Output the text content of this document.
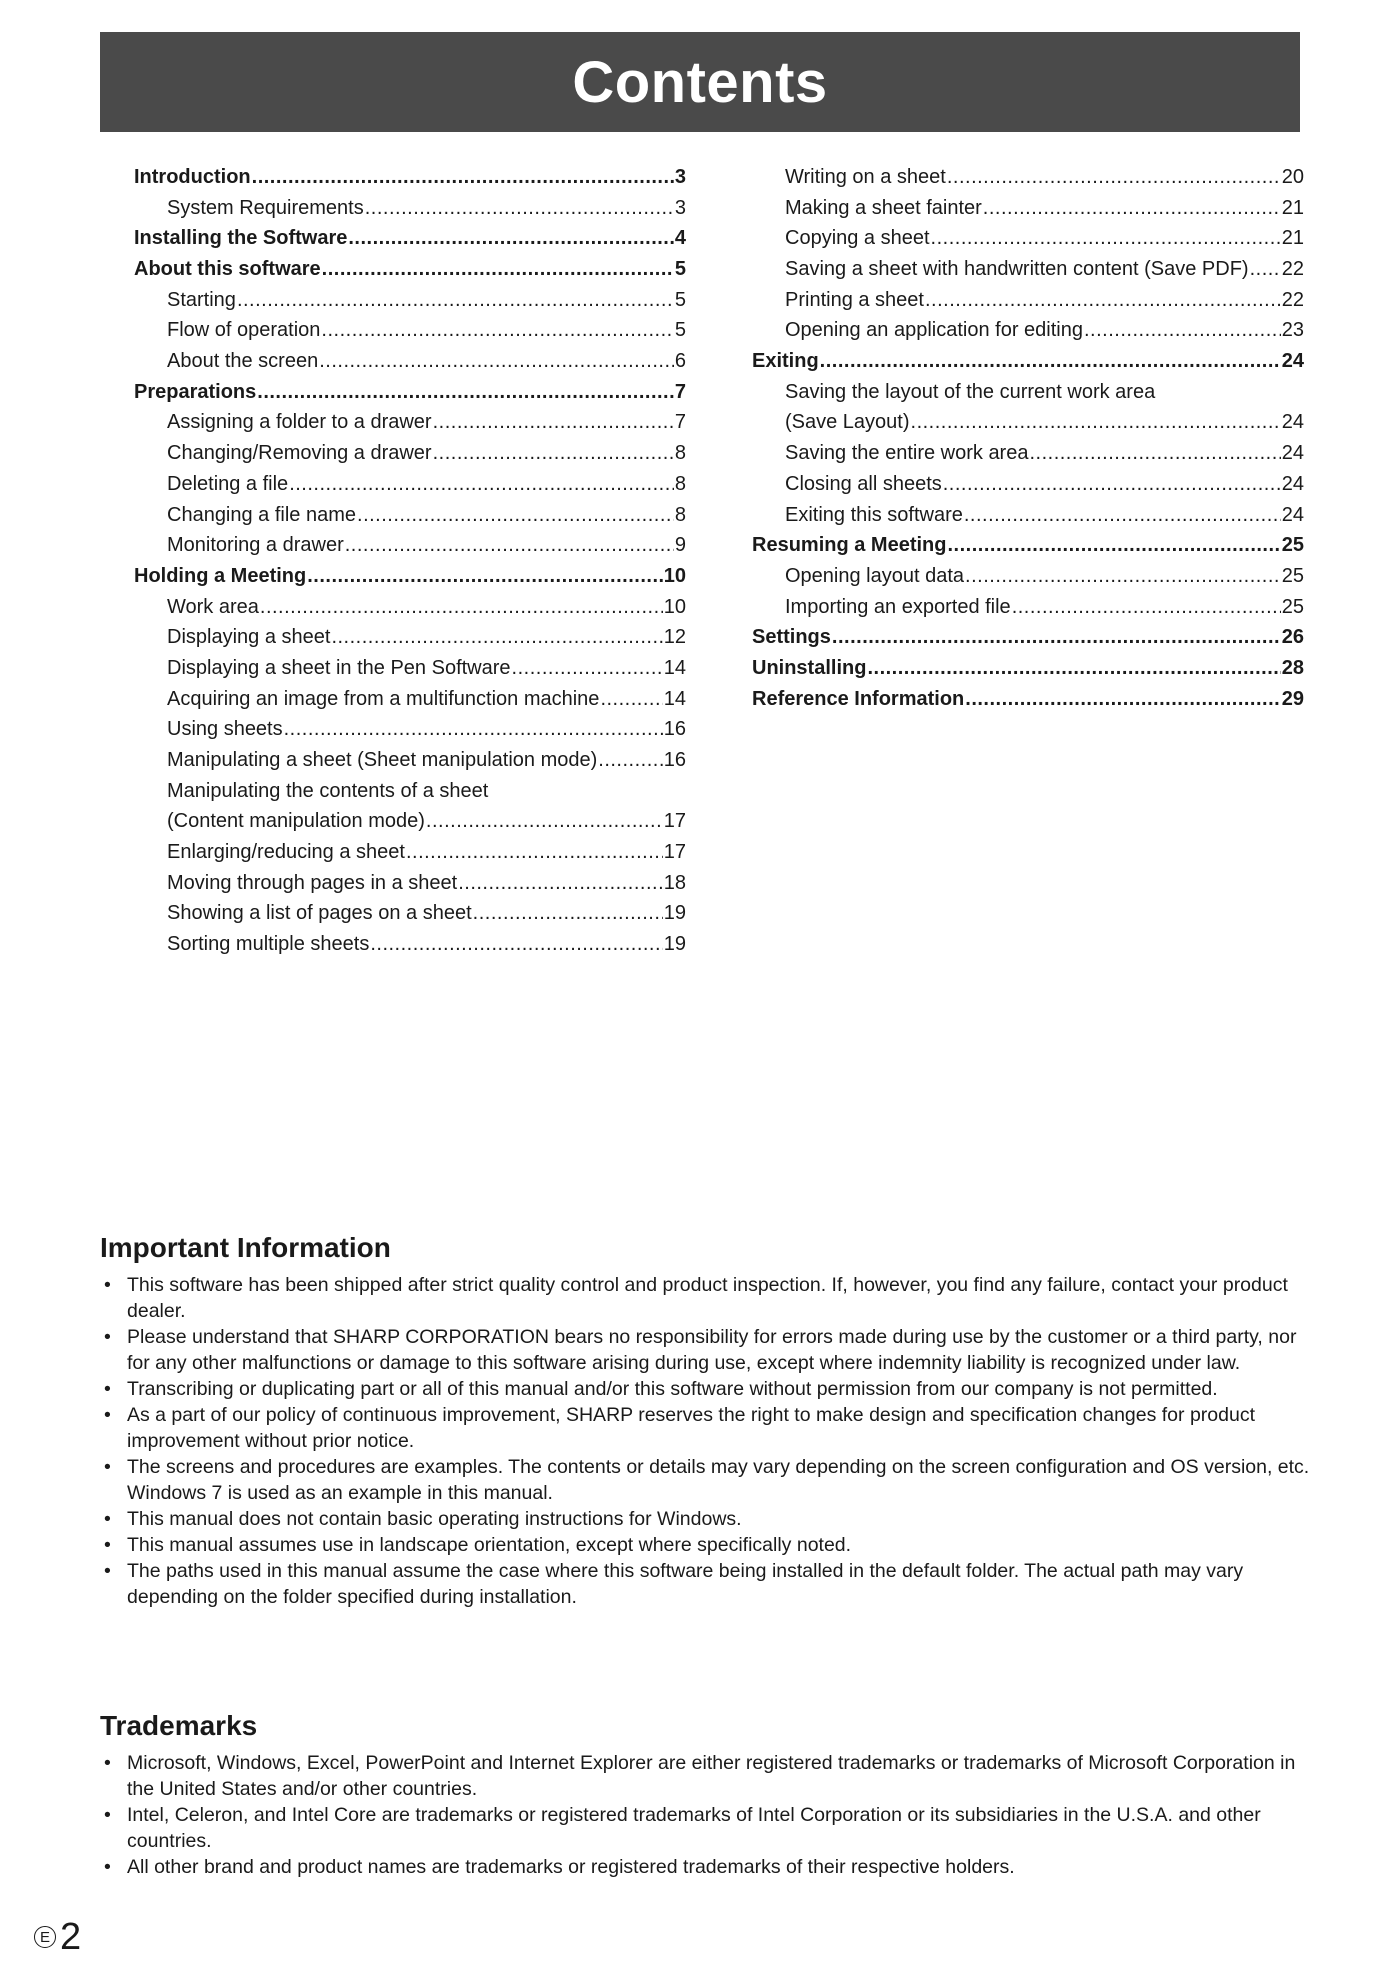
Contents
Introduction .....	3
System Requirements .....	3
Installing the Software .....	4
About this software .....	5
Starting .....	5
Flow of operation .....	5
About the screen .....	6
Preparations .....	7
Assigning a folder to a drawer .....	7
Changing/Removing a drawer .....	8
Deleting a file .....	8
Changing a file name .....	8
Monitoring a drawer .....	9
Holding a Meeting .....	10
Work area .....	10
Displaying a sheet .....	12
Displaying a sheet in the Pen Software .....	14
Acquiring an image from a multifunction machine .....	14
Using sheets .....	16
Manipulating a sheet (Sheet manipulation mode) .....	16
Manipulating the contents of a sheet
(Content manipulation mode) .....	17
Enlarging/reducing a sheet .....	17
Moving through pages in a sheet .....	18
Showing a list of pages on a sheet .....	19
Sorting multiple sheets .....	19
Writing on a sheet .....	20
Making a sheet fainter .....	21
Copying a sheet .....	21
Saving a sheet with handwritten content (Save PDF) ..... 22
Printing a sheet .....	22
Opening an application for editing .....	23
Exiting .....	24
Saving the layout of the current work area
(Save Layout) .....	24
Saving the entire work area .....	24
Closing all sheets .....	24
Exiting this software .....	24
Resuming a Meeting .....	25
Opening layout data .....	25
Importing an exported file .....	25
Settings .....	26
Uninstalling .....	28
Reference Information .....	29
Important Information
• This software has been shipped after strict quality control and product inspection. If, however, you find any failure, contact your product dealer.
• Please understand that SHARP CORPORATION bears no responsibility for errors made during use by the customer or a third party, nor for any other malfunctions or damage to this software arising during use, except where indemnity liability is recognized under law.
• Transcribing or duplicating part or all of this manual and/or this software without permission from our company is not permitted.
• As a part of our policy of continuous improvement, SHARP reserves the right to make design and specification changes for product improvement without prior notice.
• The screens and procedures are examples. The contents or details may vary depending on the screen configuration and OS version, etc. Windows 7 is used as an example in this manual.
• This manual does not contain basic operating instructions for Windows.
• This manual assumes use in landscape orientation, except where specifically noted.
• The paths used in this manual assume the case where this software being installed in the default folder. The actual path may vary depending on the folder specified during installation.
Trademarks
• Microsoft, Windows, Excel, PowerPoint and Internet Explorer are either registered trademarks or trademarks of Microsoft Corporation in the United States and/or other countries.
• Intel, Celeron, and Intel Core are trademarks or registered trademarks of Intel Corporation or its subsidiaries in the U.S.A. and other countries.
• All other brand and product names are trademarks or registered trademarks of their respective holders.
E 2
